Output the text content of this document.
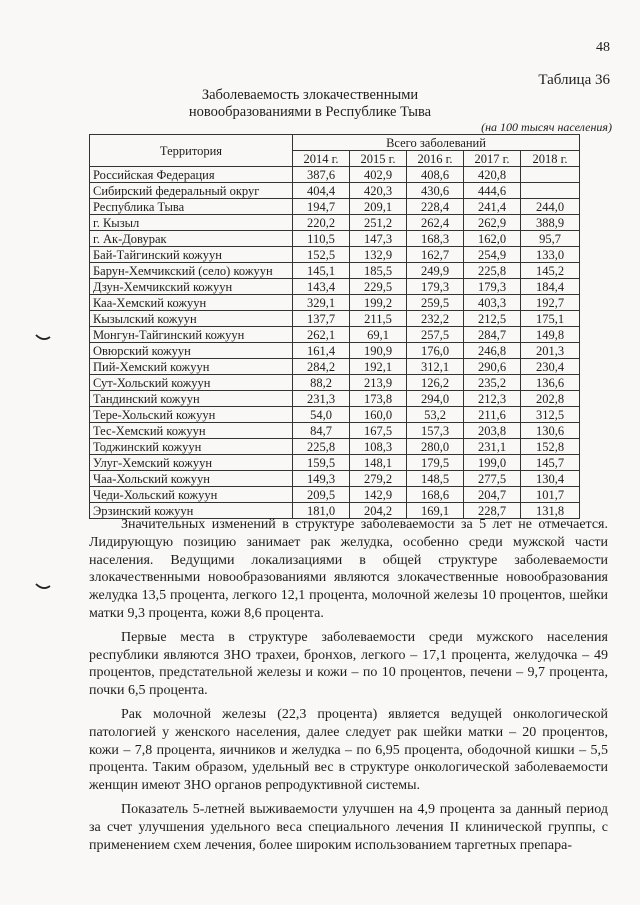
48
Таблица 36
Заболеваемость злокачественными
новообразованиями в Республике Тыва
(на 100 тысяч населения)
Территория	Всего заболеваний				
	2014 г.	2015 г.	2016 г.	2017 г.	2018 г.
Российская Федерация	387,6	402,9	408,6	420,8	
Сибирский федеральный округ	404,4	420,3	430,6	444,6	
Республика Тыва	194,7	209,1	228,4	241,4	244,0
г. Кызыл	220,2	251,2	262,4	262,9	388,9
г. Ак-Довурак	110,5	147,3	168,3	162,0	95,7
Бай-Тайгинский кожуун	152,5	132,9	162,7	254,9	133,0
Барун-Хемчикский (село) кожуун	145,1	185,5	249,9	225,8	145,2
Дзун-Хемчикский кожуун	143,4	229,5	179,3	179,3	184,4
Каа-Хемский кожуун	329,1	199,2	259,5	403,3	192,7
Кызылский кожуун	137,7	211,5	232,2	212,5	175,1
Монгун-Тайгинский кожуун	262,1	69,1	257,5	284,7	149,8
Овюрский кожуун	161,4	190,9	176,0	246,8	201,3
Пий-Хемский кожуун	284,2	192,1	312,1	290,6	230,4
Сут-Хольский кожуун	88,2	213,9	126,2	235,2	136,6
Тандинский кожуун	231,3	173,8	294,0	212,3	202,8
Тере-Хольский кожуун	54,0	160,0	53,2	211,6	312,5
Тес-Хемский кожуун	84,7	167,5	157,3	203,8	130,6
Тоджинский кожуун	225,8	108,3	280,0	231,1	152,8
Улуг-Хемский кожуун	159,5	148,1	179,5	199,0	145,7
Чаа-Хольский кожуун	149,3	279,2	148,5	277,5	130,4
Чеди-Хольский кожуун	209,5	142,9	168,6	204,7	101,7
Эрзинский кожуун	181,0	204,2	169,1	228,7	131,8

Значительных изменений в структуре заболеваемости за 5 лет не отмечается. Лидирующую позицию занимает рак желудка, особенно среди мужской части населения. Ведущими локализациями в общей структуре заболеваемости злокачественными новообразованиями являются злокачественные новообразования желудка 13,5 процента, легкого 12,1 процента, молочной железы 10 процентов, шейки матки 9,3 процента, кожи 8,6 процента.

Первые места в структуре заболеваемости среди мужского населения республики являются ЗНО трахеи, бронхов, легкого – 17,1 процента, желудочка – 49 процентов, предстательной железы и кожи – по 10 процентов, печени – 9,7 процента, почки 6,5 процента.

Рак молочной железы (22,3 процента) является ведущей онкологической патологией у женского населения, далее следует рак шейки матки – 20 процентов, кожи – 7,8 процента, яичников и желудка – по 6,95 процента, ободочной кишки – 5,5 процента. Таким образом, удельный вес в структуре онкологической заболеваемости женщин имеют ЗНО органов репродуктивной системы.

Показатель 5-летней выживаемости улучшен на 4,9 процента за данный период за счет улучшения удельного веса специального лечения II клинической группы, с применением схем лечения, более широким использованием таргетных препара-
